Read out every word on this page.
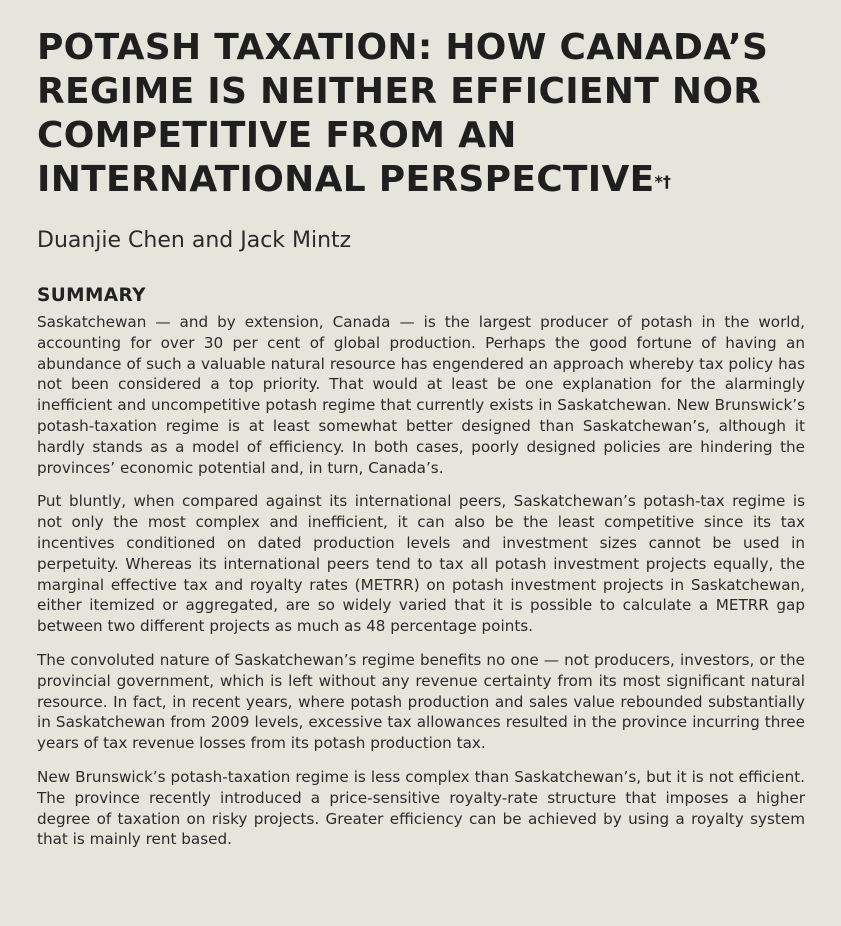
POTASH TAXATION: HOW CANADA’S REGIME IS NEITHER EFFICIENT NOR COMPETITIVE FROM AN INTERNATIONAL PERSPECTIVE*†
Duanjie Chen and Jack Mintz
SUMMARY

Saskatchewan — and by extension, Canada — is the largest producer of potash in the world, accounting for over 30 per cent of global production. Perhaps the good fortune of having an abundance of such a valuable natural resource has engendered an approach whereby tax policy has not been considered a top priority. That would at least be one explanation for the alarmingly inefficient and uncompetitive potash regime that currently exists in Saskatchewan. New Brunswick’s potash-taxation regime is at least somewhat better designed than Saskatchewan’s, although it hardly stands as a model of efficiency. In both cases, poorly designed policies are hindering the provinces’ economic potential and, in turn, Canada’s.

Put bluntly, when compared against its international peers, Saskatchewan’s potash-tax regime is not only the most complex and inefficient, it can also be the least competitive since its tax incentives conditioned on dated production levels and investment sizes cannot be used in perpetuity. Whereas its international peers tend to tax all potash investment projects equally, the marginal effective tax and royalty rates (METRR) on potash investment projects in Saskatchewan, either itemized or aggregated, are so widely varied that it is possible to calculate a METRR gap between two different projects as much as 48 percentage points.

The convoluted nature of Saskatchewan’s regime benefits no one — not producers, investors, or the provincial government, which is left without any revenue certainty from its most significant natural resource. In fact, in recent years, where potash production and sales value rebounded substantially in Saskatchewan from 2009 levels, excessive tax allowances resulted in the province incurring three years of tax revenue losses from its potash production tax.

New Brunswick’s potash-taxation regime is less complex than Saskatchewan’s, but it is not efficient. The province recently introduced a price-sensitive royalty-rate structure that imposes a higher degree of taxation on risky projects. Greater efficiency can be achieved by using a royalty system that is mainly rent based.
